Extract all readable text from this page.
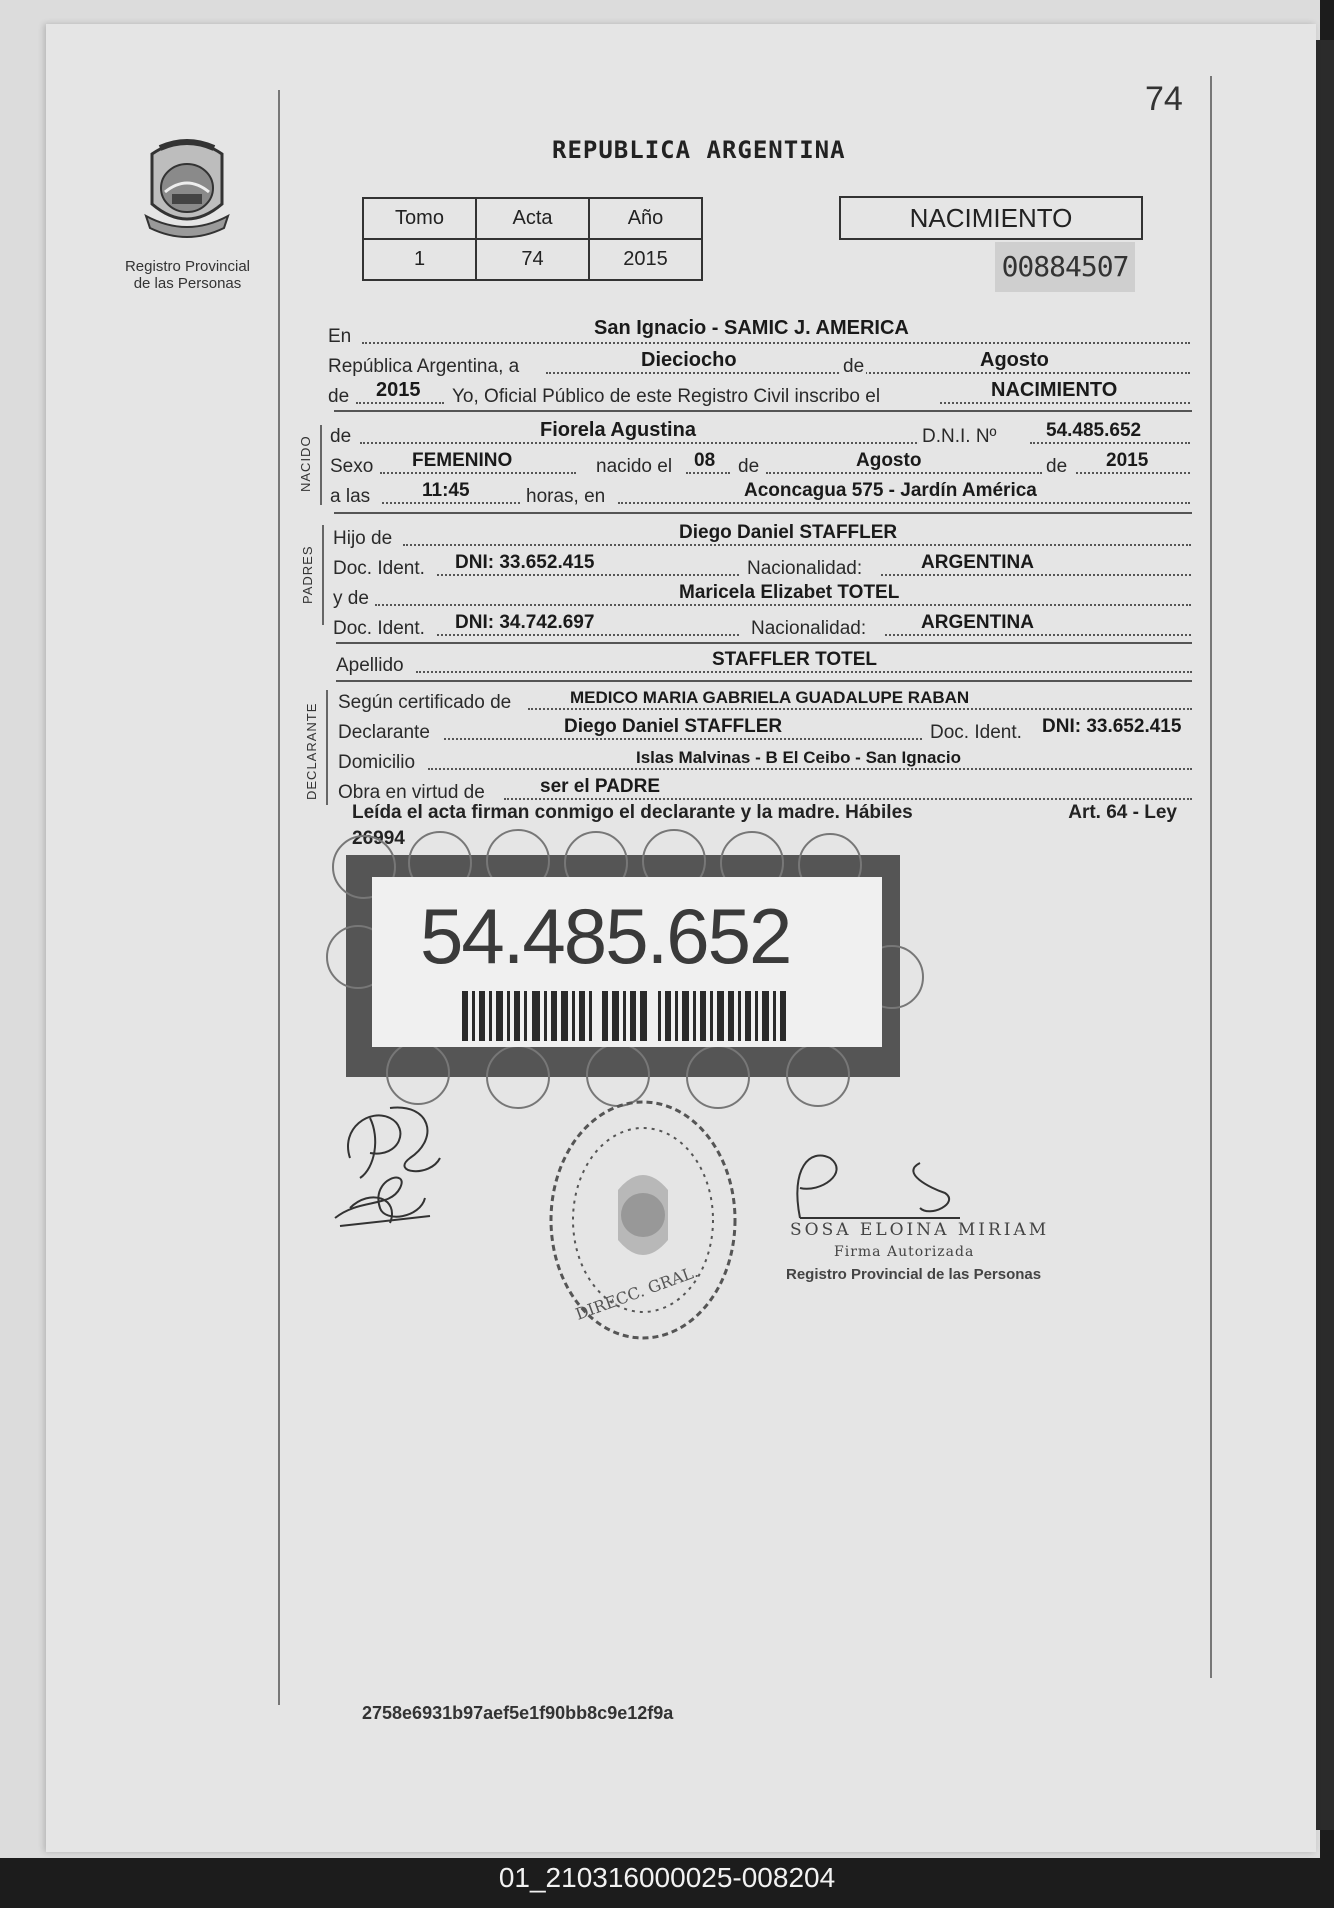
74
Registro Provincial
de las Personas
REPUBLICA ARGENTINA
Tomo	Acta	Año
1	74	2015
NACIMIENTO
00884507
En	San Ignacio - SAMIC J. AMERICA
República Argentina, a	Dieciocho	de	Agosto
de 2015 Yo, Oficial Público de este Registro Civil inscribo el	NACIMIENTO
NACIDO de	Fiorela Agustina	D.N.I. Nº	54.485.652
Sexo FEMENINO	nacido el 08 de	Agosto	de 2015
a las	11:45	horas, en	Aconcagua 575 - Jardín América
PADRES
Hijo de	Diego Daniel STAFFLER
Doc. Ident. DNI: 33.652.415	Nacionalidad:	ARGENTINA
y de	Maricela Elizabet TOTEL
Doc. Ident. DNI: 34.742.697	Nacionalidad:	ARGENTINA
Apellido	STAFFLER TOTEL
DECLARANTE
Según certificado de	MEDICO MARIA GABRIELA GUADALUPE RABAN
Declarante	Diego Daniel STAFFLER	Doc. Ident. DNI: 33.652.415
Domicilio	Islas Malvinas - B El Ceibo - San Ignacio
Obra en virtud de	ser el PADRE
Leída el acta firman conmigo el declarante y la madre. Hábiles	Art. 64 - Ley
26994
54.485.652
DIRECC. GRAL.
SOSA ELOINA MIRIAM
Firma Autorizada
Registro Provincial de las Personas
2758e6931b97aef5e1f90bb8c9e12f9a
01_210316000025-008204
